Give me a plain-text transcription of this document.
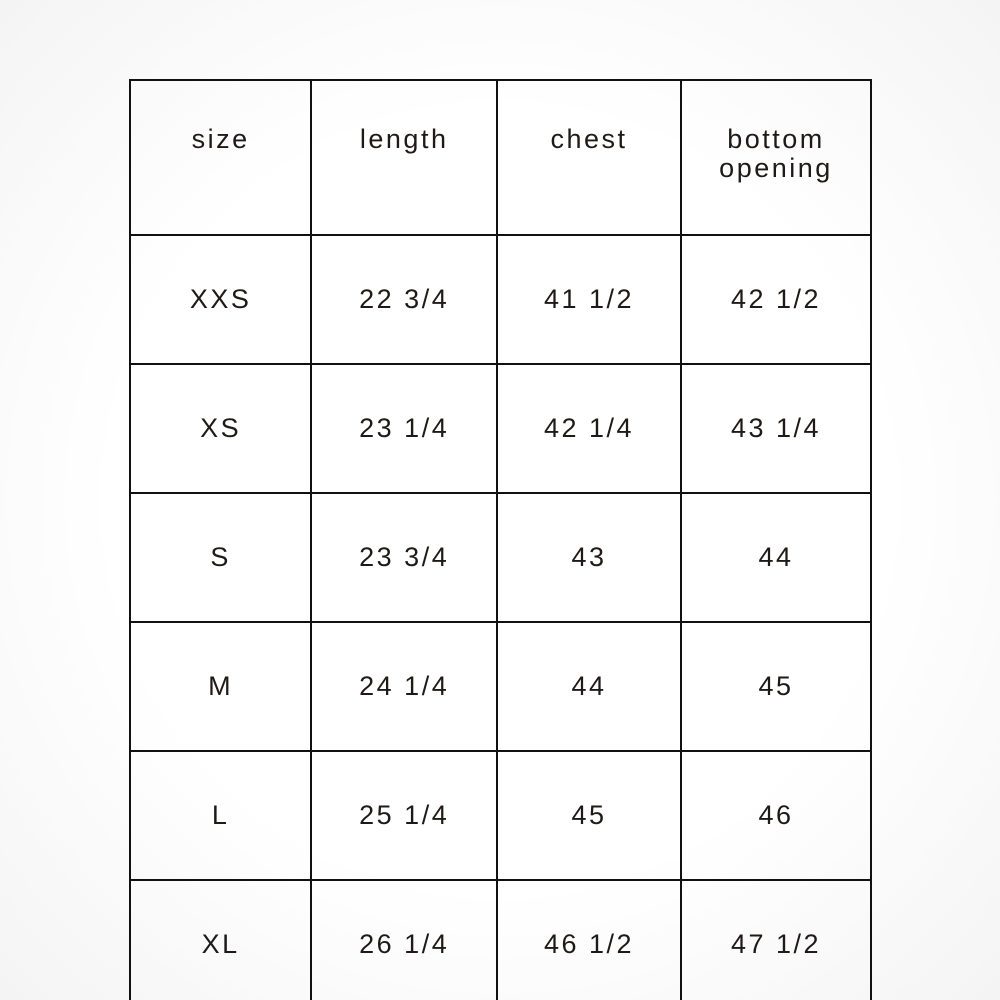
size	length	chest	bottom
opening

XXS	22 3/4	41 1/2	42 1/2
XS	23 1/4	42 1/4	43 1/4
S	23 3/4	43	44
M	24 1/4	44	45
L	25 1/4	45	46
XL	26 1/4	46 1/2	47 1/2
